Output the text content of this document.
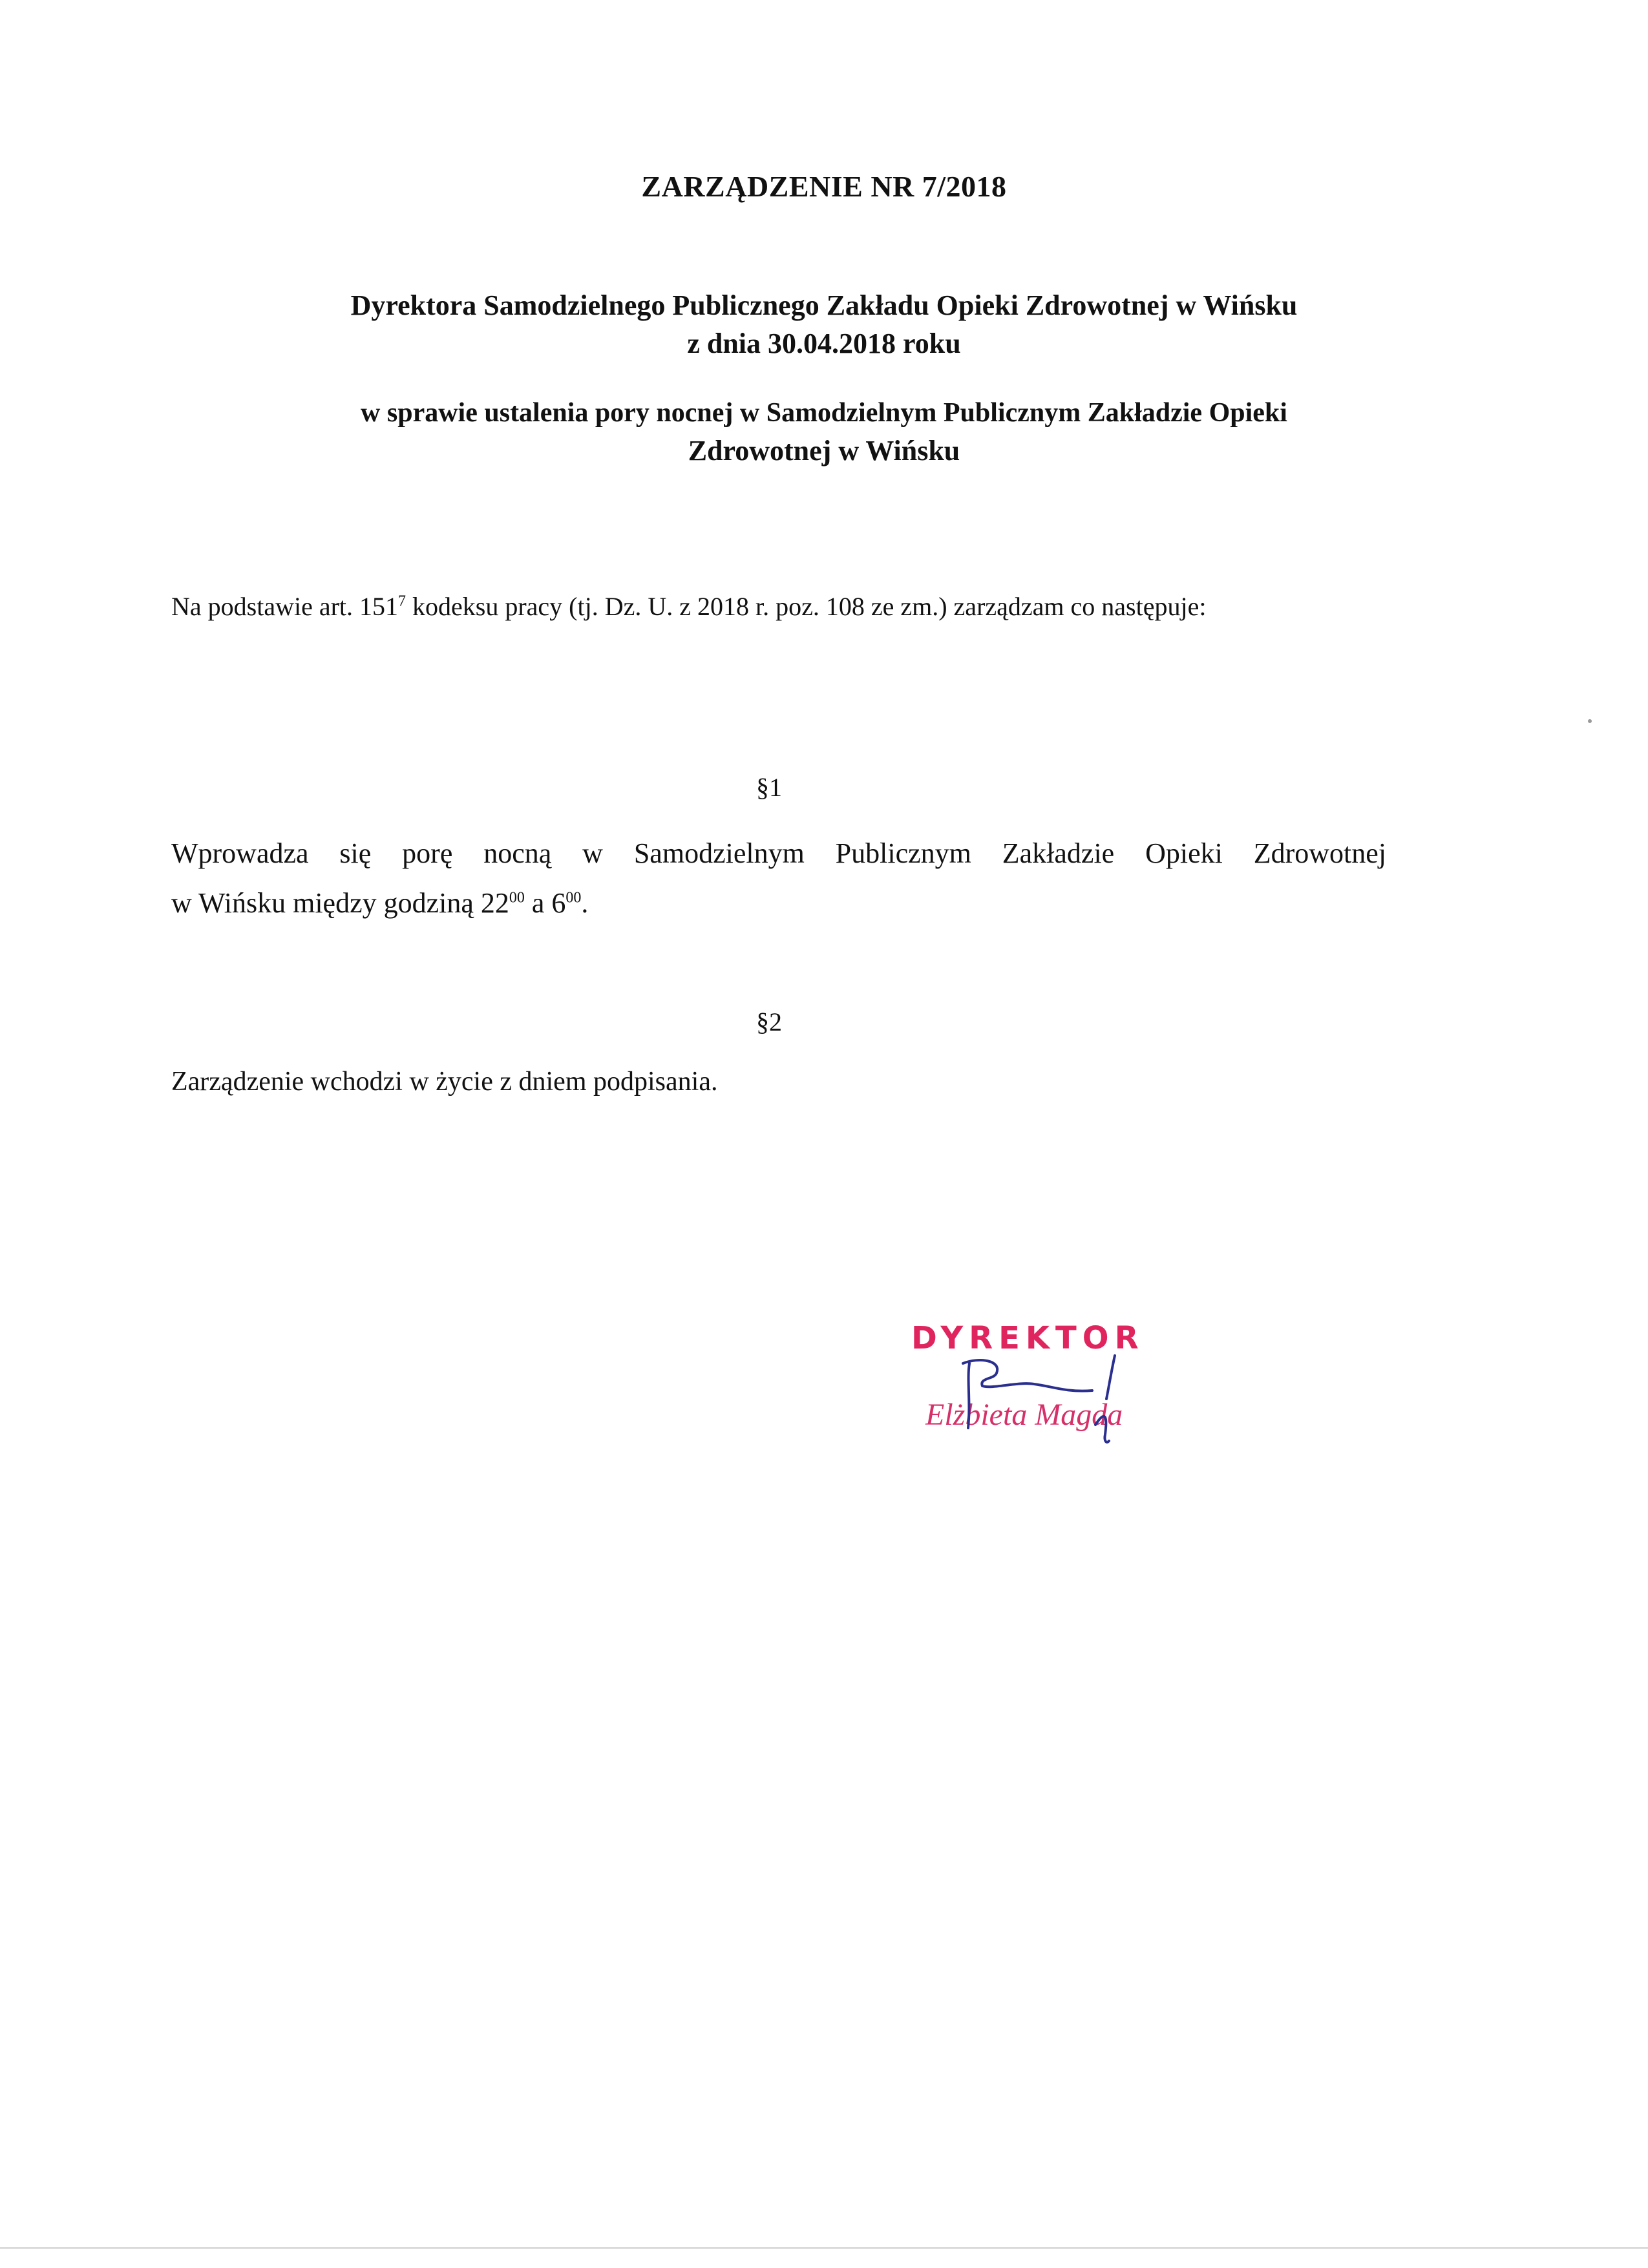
ZARZĄDZENIE NR 7/2018
Dyrektora Samodzielnego Publicznego Zakładu Opieki Zdrowotnej w Wińsku
z dnia 30.04.2018 roku
w sprawie ustalenia pory nocnej w Samodzielnym Publicznym Zakładzie Opieki
Zdrowotnej w Wińsku
Na podstawie art. $151^7$ kodeksu pracy (tj. Dz. U. z 2018 r. poz. 108 ze zm.) zarządzam co następuje:
§1
Wprowadza się porę nocną w Samodzielnym Publicznym Zakładzie Opieki Zdrowotnej
w Wińsku między godziną $22^{00}$ a $6^{00}$.
§2
Zarządzenie wchodzi w życie z dniem podpisania.
DYREKTOR
Elżbieta Magda
